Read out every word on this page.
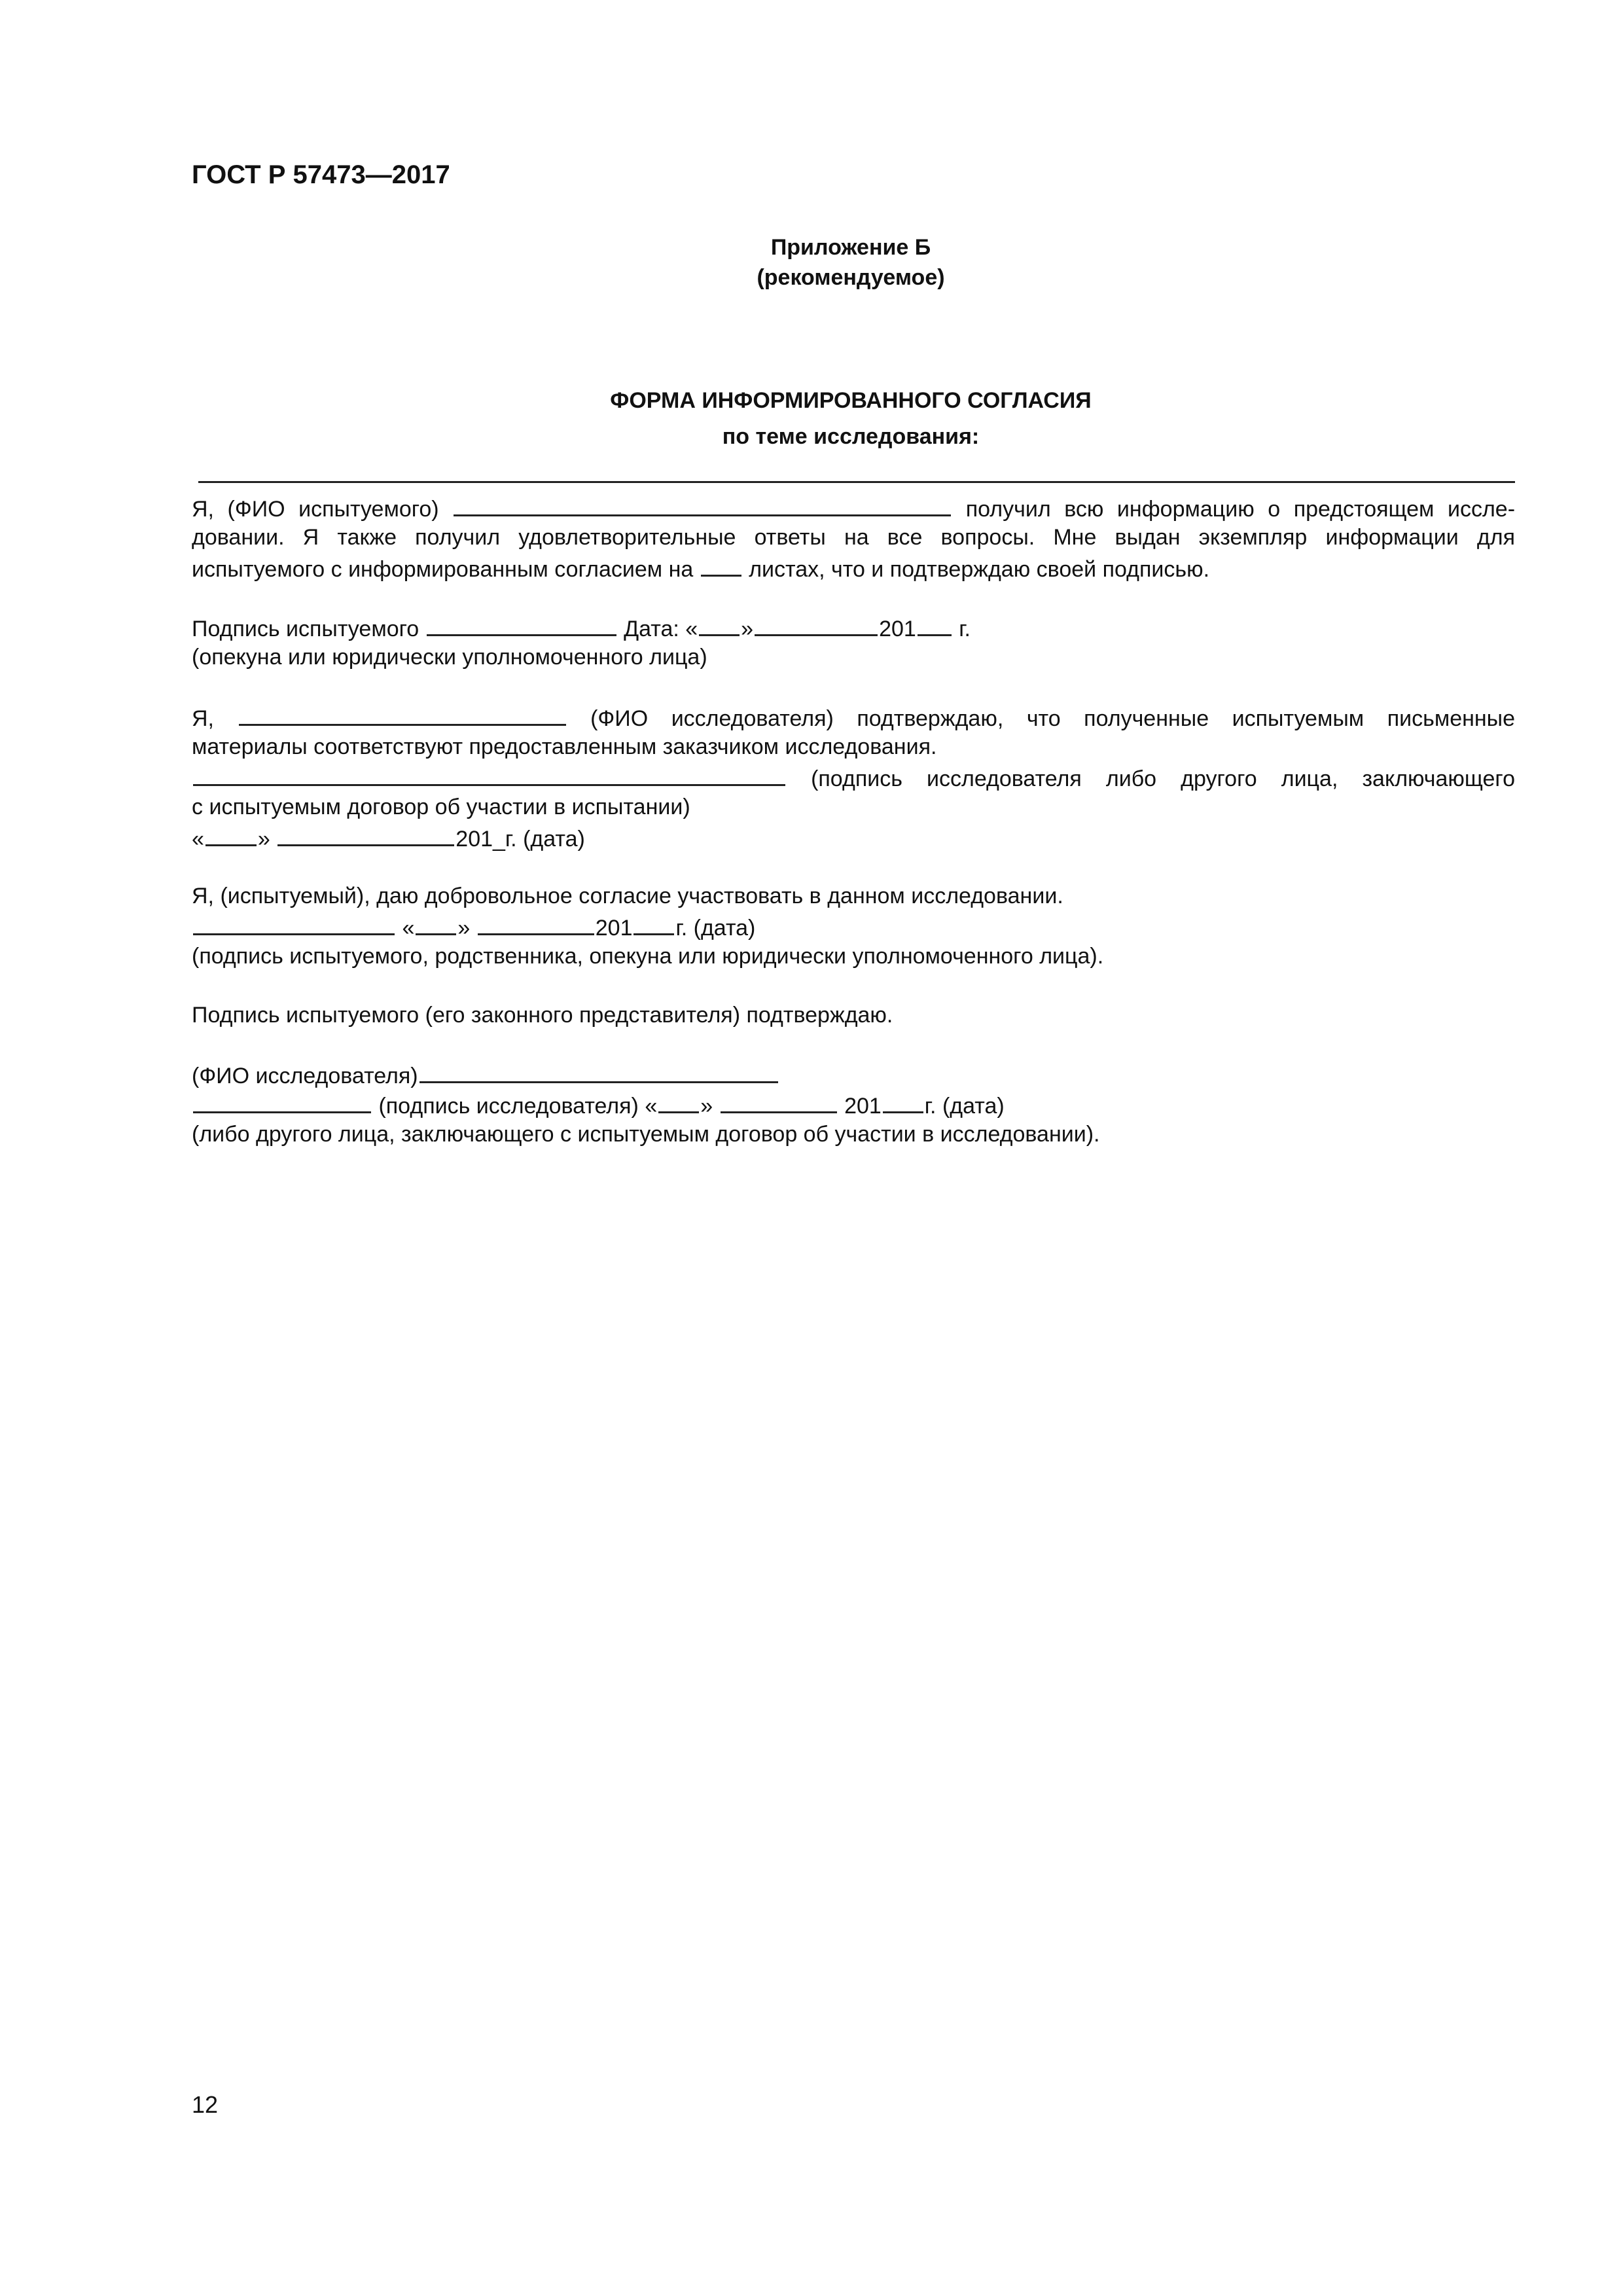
ГОСТ Р 57473—2017
Приложение Б
(рекомендуемое)
ФОРМА ИНФОРМИРОВАННОГО СОГЛАСИЯ
по теме исследования:
Я, (ФИО испытуемого)	получил всю информацию о предстоящем иссле-
довании. Я также получил удовлетворительные ответы на все вопросы. Мне выдан экземпляр информации для
испытуемого с информированным согласием на листах, что и подтверждаю своей подписью.
Подпись испытуемого	Дата: « »	201 г.
(опекуна или юридически уполномоченного лица)
Я,	(ФИО исследователя) подтверждаю, что полученные испытуемым письменные
материалы соответствуют предоставленным заказчиком исследования.
(подпись исследователя либо другого лица, заключающего
с испытуемым договор об участии в испытании)
« »	201_г. (дата)
Я, (испытуемый), даю добровольное согласие участвовать в данном исследовании.
« »	201 г. (дата)
(подпись испытуемого, родственника, опекуна или юридически уполномоченного лица).
Подпись испытуемого (его законного представителя) подтверждаю.
(ФИО исследователя)
(подпись исследователя) « »	201 г. (дата)
(либо другого лица, заключающего с испытуемым договор об участии в исследовании).
12
